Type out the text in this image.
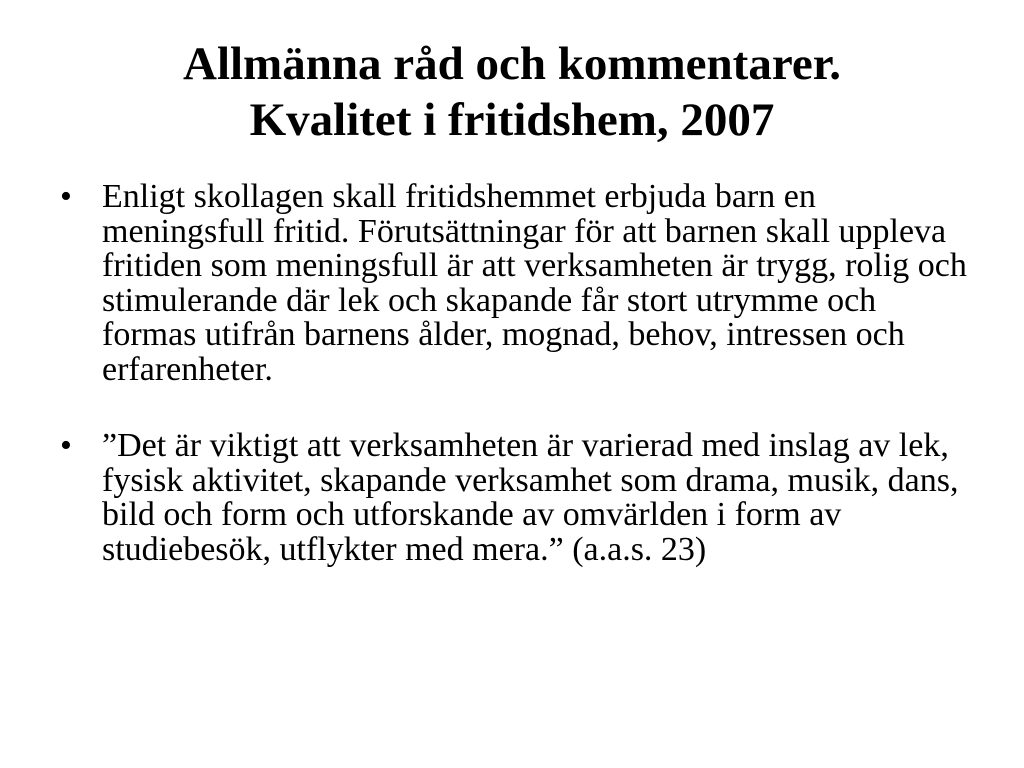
Allmänna råd och kommentarer.
Kvalitet i fritidshem, 2007
• Enligt skollagen skall fritidshemmet erbjuda barn en meningsfull fritid. Förutsättningar för att barnen skall uppleva fritiden som meningsfull är att verksamheten är trygg, rolig och stimulerande där lek och skapande får stort utrymme och formas utifrån barnens ålder, mognad, behov, intressen och erfarenheter.
• ”Det är viktigt att verksamheten är varierad med inslag av lek, fysisk aktivitet, skapande verksamhet som drama, musik, dans, bild och form och utforskande av omvärlden i form av studiebesök, utflykter med mera.” (a.a.s. 23)
